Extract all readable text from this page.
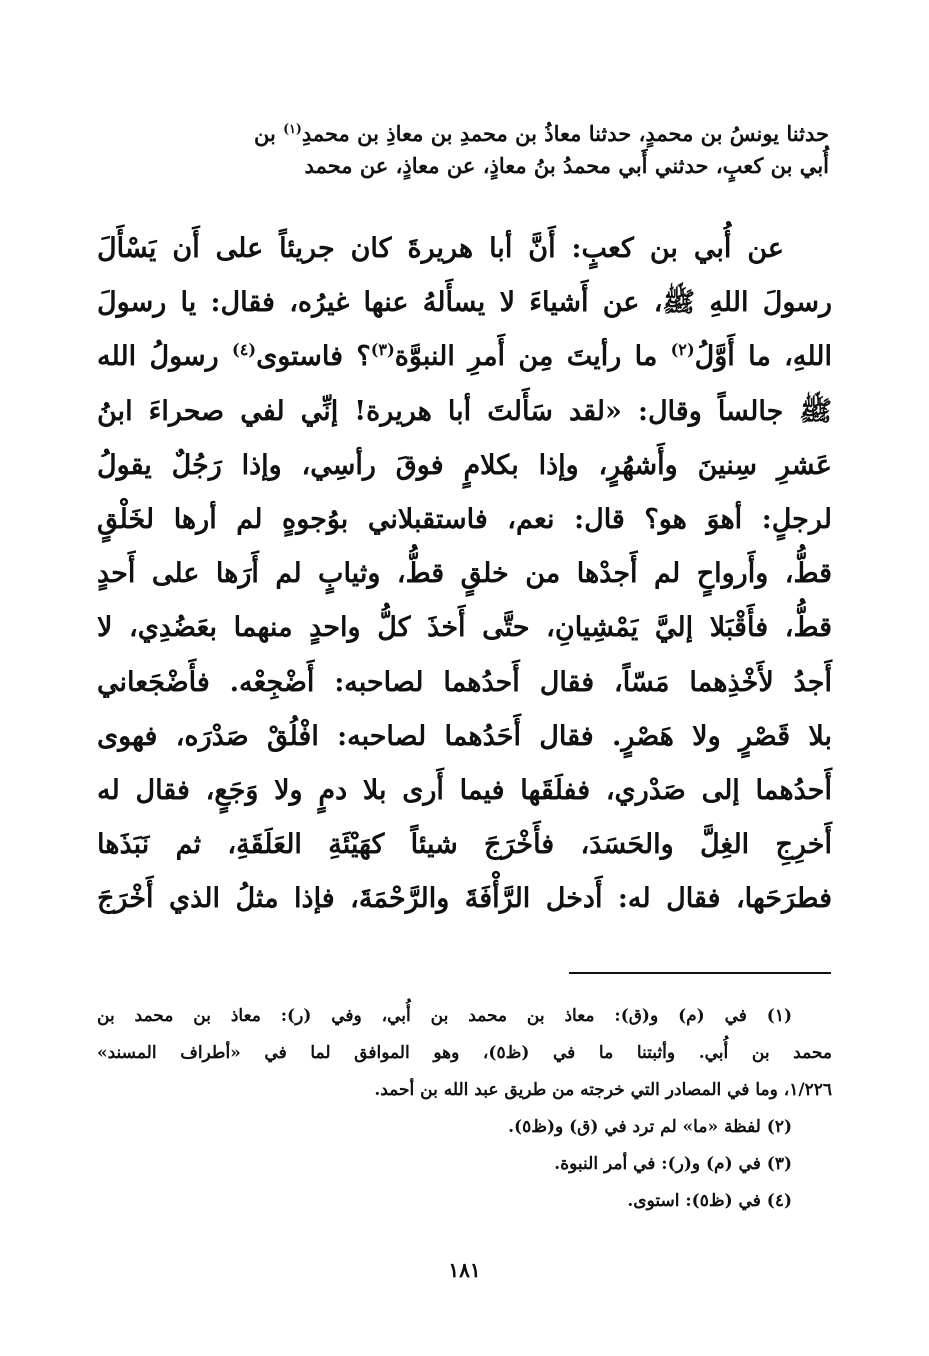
حدثنا يونسُ بن محمدٍ، حدثنا معاذُ بن محمدِ بن معاذِ بن محمدِ$^{(١)}$ بن
أُبي بن كعبٍ، حدثني أَبي محمدُ بنُ معاذٍ، عن معاذٍ، عن محمد
عن أُبي بن كعبٍ: أَنَّ أبا هريرةَ كان جريئاً على أَن يَسْأَلَ
رسولَ اللهِ ﷺ، عن أَشياءَ لا يسأَلهُ عنها غيرُه، فقال: يا رسولَ
اللهِ، ما أَوَّلُ$^{(٢)}$ ما رأيتَ مِن أَمرِ النبوَّة$^{(٣)}$؟ فاستوى$^{(٤)}$ رسولُ الله
ﷺ جالساً وقال: «لقد سَأَلتَ أبا هريرة! إنِّي لفي صحراءَ ابنُ
عَشرِ سِنينَ وأَشهُرٍ، وإذا بكلامٍ فوقَ رأسِي، وإذا رَجُلٌ يقولُ
لرجلٍ: أهوَ هو؟ قال: نعم، فاستقبلاني بوُجوهٍ لم أرها لخَلْقٍ
قطُّ، وأَرواحٍ لم أَجدْها من خلقٍ قطُّ، وثيابٍ لم أَرَها على أَحدٍ
قطُّ، فأَقْبَلا إليَّ يَمْشِيانِ، حتَّى أَخذَ كلُّ واحدٍ منهما بعَضُدِي، لا
أَجدُ لأَخْذِهما مَسّاً، فقال أَحدُهما لصاحبه: أَضْجِعْه. فأَضْجَعاني
بلا قَصْرٍ ولا هَصْرٍ. فقال أَحَدُهما لصاحبه: افْلُقْ صَدْرَه، فهوى
أَحدُهما إلى صَدْري، ففلَقَها فيما أَرى بلا دمٍ ولا وَجَعٍ، فقال له
أَخرِجِ الغِلَّ والحَسَدَ، فأَخْرَجَ شيئاً كهَيْئَةِ العَلَقَةِ، ثم نَبَذَها
فطرَحَها، فقال له: أَدخل الرَّأْفَةَ والرَّحْمَةَ، فإذا مثلُ الذي أَخْرَجَ
(١) في (م) و(ق): معاذ بن محمد بن أُبي، وفي (ر): معاذ بن محمد بن
محمد بن أُبي. وأثبتنا ما في (ظ٥)، وهو الموافق لما في «أطراف المسند»
١/٢٢٦، وما في المصادر التي خرجته من طريق عبد الله بن أحمد.
(٢) لفظة «ما» لم ترد في (ق) و(ظ٥).
(٣) في (م) و(ر): في أمر النبوة.
(٤) في (ظ٥): استوى.
١٨١
